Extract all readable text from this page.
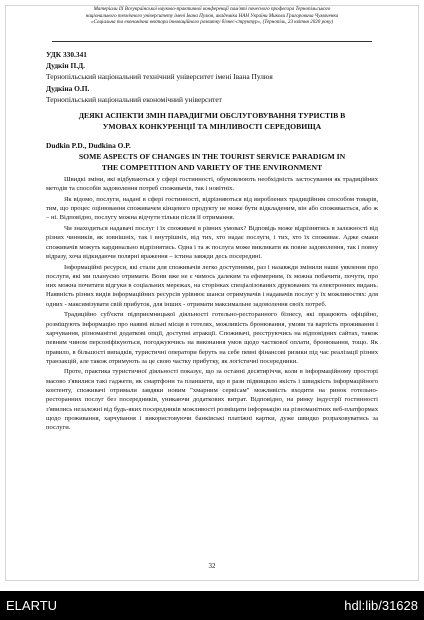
Матеріали IX Всеукраїнської науково-практичної конференції пам'яті почесного професора Тернопільського
національного технічного університету імені Івана Пулюя, академіка НАН України Миколи Григоровича Чумаченка
«Соціальна та економічна вектори інноваційного розвитку бізнес-структур», (Тернопіль, 23 квітня 2020 року)
УДК 330.341
Дудкін П.Д.
Тернопільський національний технічний університет імені Івана Пулюя
Дудкіна О.П.
Тернопільський національний економічний університет
ДЕЯКІ АСПЕКТИ ЗМІН ПАРАДИГМИ ОБСЛУГОВУВАННЯ ТУРИСТІВ В
УМОВАХ КОНКУРЕНЦІЇ ТА МІНЛИВОСТІ СЕРЕДОВИЩА
Dudkin P.D., Dudkina O.P.
SOME ASPECTS OF CHANGES IN THE TOURIST SERVICE PARADIGM IN
THE COMPETITION AND VARIETY OF THE ENVIRONMENT

Швидкі зміни, які відбуваються у сфері гостинності, обумовлюють необхідність застосування як традиційних методів та способів задоволення потреб споживачів, так і новітніх.

Як відомо, послуги, надані в сфері гостинності, відрізняються від вироблених традиційним способом товарів, тим, що процес оцінювання споживачем кінцевого продукту не може бути відкладеним, він або споживається, або ж – ні. Відповідно, послугу можна відчути тільки після її отримання.

Чи знаходиться надавачі послуг і їх споживачі в рівних умовах? Відповідь може відрізнятись в залежності від різних чинників, як зовнішніх, так і внутрішніх, від тих, хто надає послуги, і тих, хто їх споживає. Адже смаки споживачів можуть кардинально відрізнятись. Одна і та ж послуга може викликати як повне задоволення, так і повну відразу, хоча відкидаючи полярні враження – істина завжди десь посередині.

Інформаційні ресурси, які стали для споживачів легко доступними, раз і назавжди змінили наше уявлення про послуги, які ми плануємо отримати. Вони вже не є чимось далеким та ефемерним, їх можна побачити, почути, про них можна почитати відгуки в соціальних мережах, на сторінках спеціалізованих друкованих та електронних видань. Наявність різних видів інформаційних ресурсів урівнює шанси отримувачів і надавачів послуг у їх можливостях: для одних - максимізувати свій прибуток, для інших - отримати максимальне задоволення своїх потреб.

Традиційно суб'єкти підприємницької діяльності готельно-ресторанного бізнесу, які працюють офіційно, розміщують інформацію про наявні вільні місця в готелях, можливість бронювання, умови та вартість проживання і харчування, різноманітні додаткові опції, доступні атракції. Споживачі, реєструючись на відповідних сайтах, також певним чином персоніфікуються, погоджуючись на виконання умов щодо часткової оплати, бронювання, тощо. Як правило, в більшості випадків, туристичні оператори беруть на себе певні фінансові ризики під час реалізації різних транзакцій, але також отримують за це свою частку прибутку, як логістичні посередники.

Проте, практика туристичної діяльності показує, що за останні десятиріччя, коли в інформаційному просторі масово з'явилися такі гаджети, як смартфони та планшети, що в рази підвищило якість і швидкість інформаційного контенту, споживачі отримали завдяки новим "хмарним сервісам" можливість входити на ринок готельно-ресторанних послуг без посередників, уникаючи додаткових витрат. Відповідно, на ринку індустрії гостинності з'явились незалежні від будь-яких посередників можливості розміщати інформацію на різноманітних веб-платформах щодо проживання, харчування і використовуючи банківські платіжні картки, дуже швидко розраховуватись за послуги.

32
ELARTU	hdl:lib/31628
